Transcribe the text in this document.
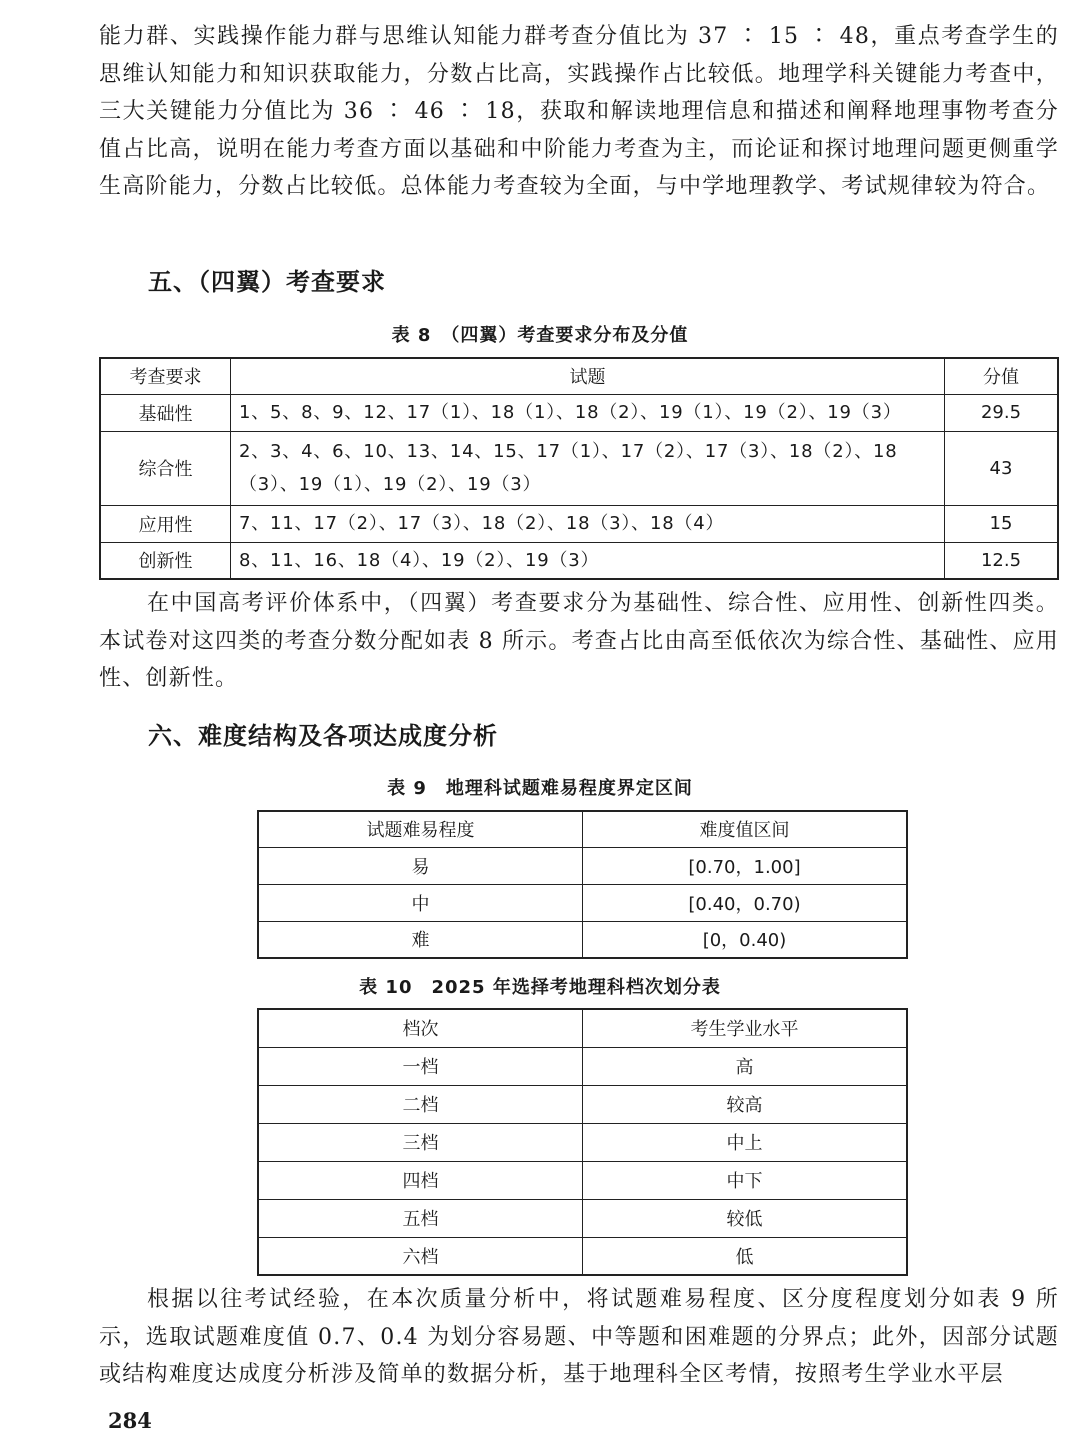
能力群、实践操作能力群与思维认知能力群考查分值比为 37 ∶ 15 ∶ 48，重点考查学生的思维认知能力和知识获取能力，分数占比高，实践操作占比较低。地理学科关键能力考查中，三大关键能力分值比为 36 ∶ 46 ∶ 18，获取和解读地理信息和描述和阐释地理事物考查分值占比高，说明在能力考查方面以基础和中阶能力考查为主，而论证和探讨地理问题更侧重学生高阶能力，分数占比较低。总体能力考查较为全面，与中学地理教学、考试规律较为符合。

五、（四翼）考查要求

表 8　（四翼）考查要求分布及分值

考查要求	试题	分值
基础性	1、5、8、9、12、17（1）、18（1）、18（2）、19（1）、19（2）、19（3）	29.5
综合性	2、3、4、6、10、13、14、15、17（1）、17（2）、17（3）、18（2）、18（3）、19（1）、19（2）、19（3）	43
应用性	7、11、17（2）、17（3）、18（2）、18（3）、18（4）	15
创新性	8、11、16、18（4）、19（2）、19（3）	12.5

在中国高考评价体系中，（四翼）考查要求分为基础性、综合性、应用性、创新性四类。本试卷对这四类的考查分数分配如表 8 所示。考查占比由高至低依次为综合性、基础性、应用性、创新性。

六、难度结构及各项达成度分析

表 9　地理科试题难易程度界定区间

试题难易程度	难度值区间
易	[0.70，1.00]
中	[0.40，0.70)
难	[0，0.40)

表 10　2025 年选择考地理科档次划分表

档次	考生学业水平
一档	高
二档	较高
三档	中上
四档	中下
五档	较低
六档	低

根据以往考试经验，在本次质量分析中，将试题难易程度、区分度程度划分如表 9 所示，选取试题难度值 0.7、0.4 为划分容易题、中等题和困难题的分界点；此外，因部分试题或结构难度达成度分析涉及简单的数据分析，基于地理科全区考情，按照考生学业水平层

284
